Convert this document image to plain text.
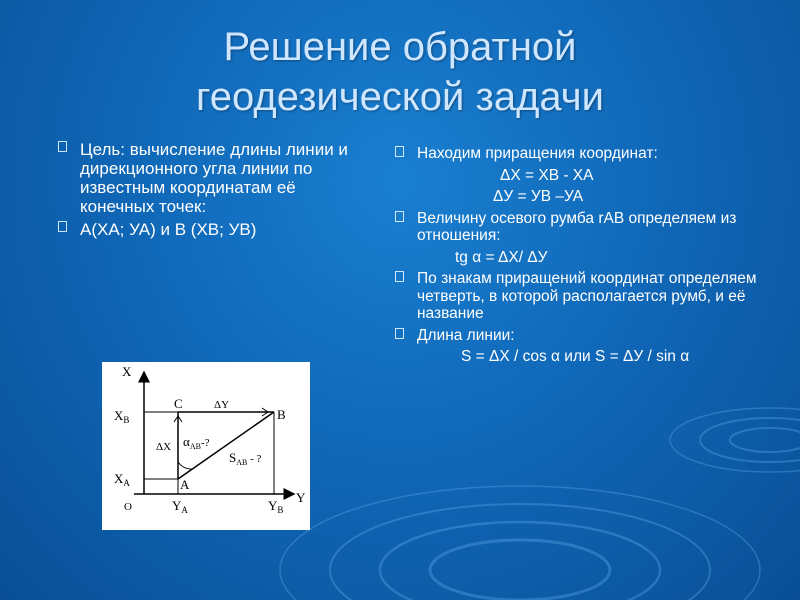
Решение обратной
геодезической задачи
Цель: вычисление длины линии и дирекционного угла линии по известным координатам её конечных точек:
А(ХА; УА) и В (ХВ; УВ)
Находим приращения координат:
ΔХ = ХВ - ХА
ΔУ = УВ –УА
Величину осевого румба rАВ определяем из отношения:
tg α = ΔХ/ ΔУ
По знакам приращений координат определяем четверть, в которой располагается румб, и её название
Длина линии:
S = ΔХ / cos α или S = ΔУ / sin α
X
Y
O
$X_B$
$X_A$
$Y_A$	$Y_B$
A
B
C
ΔX
ΔY
$\alpha_{AB}^{-?}$
$S_{AB}$ - ?
